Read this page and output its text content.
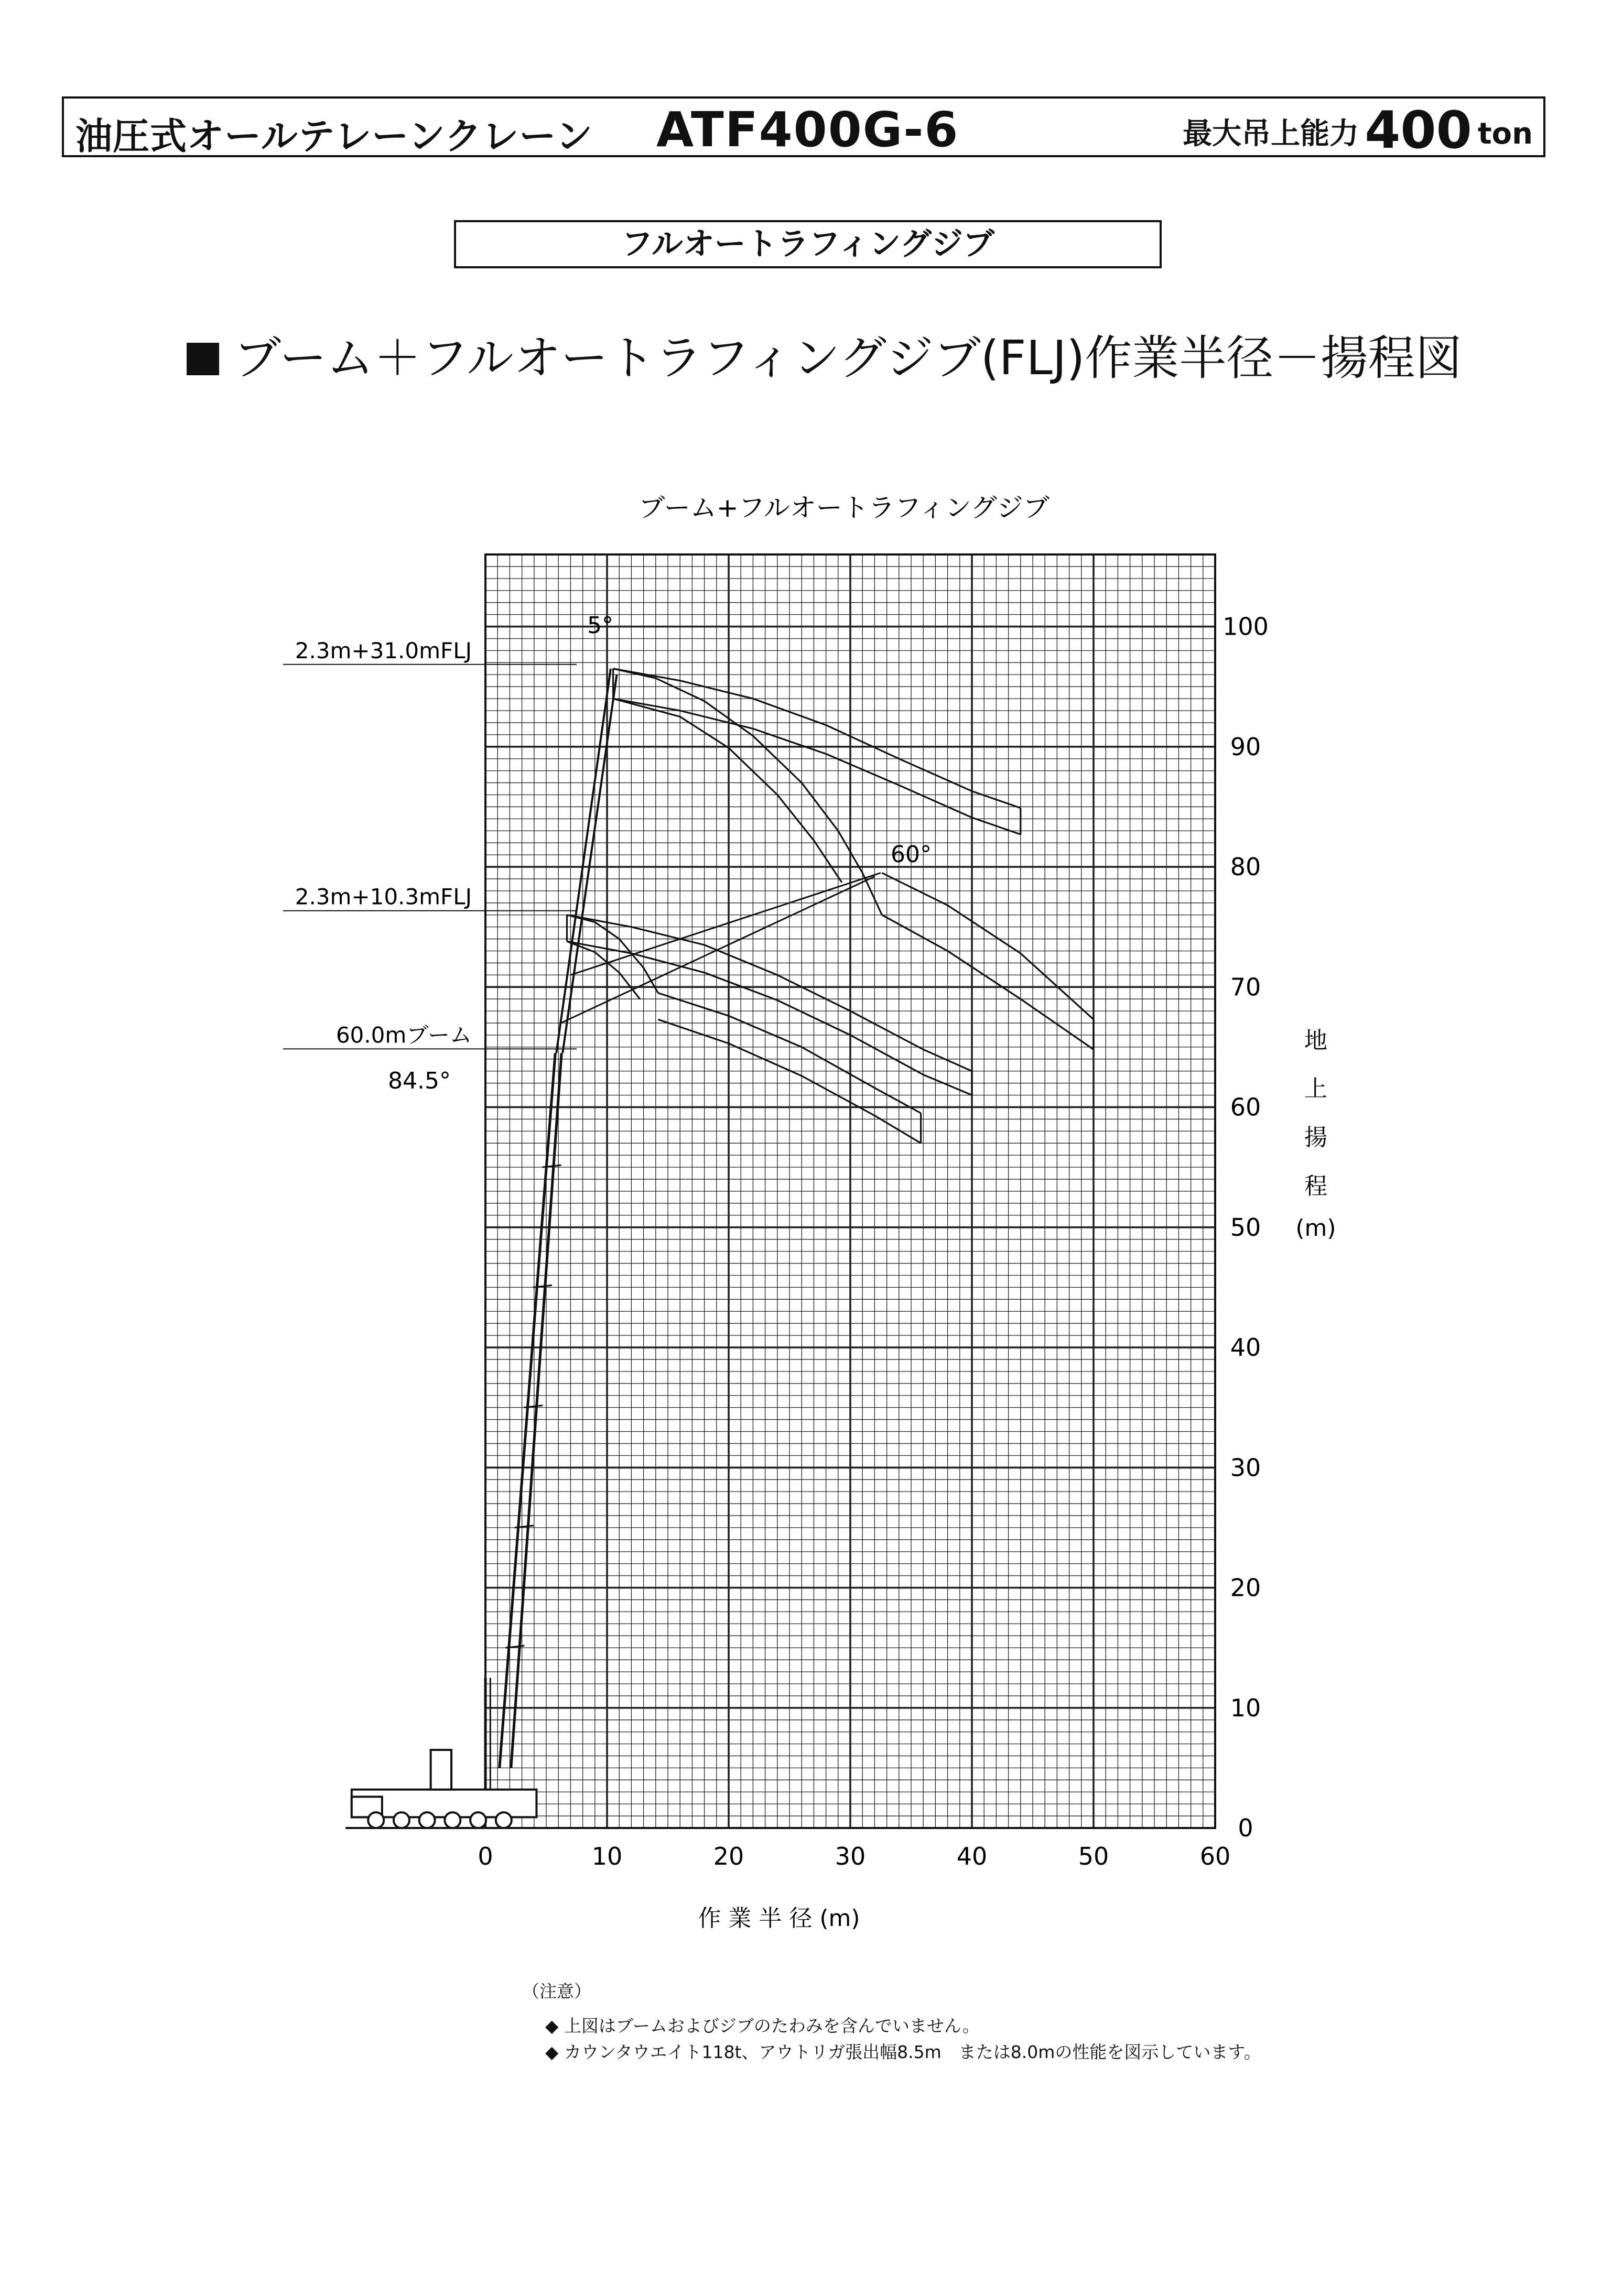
油圧式オールテレーンクレーン ATF400G-6	最大吊上能力 400 ton
フルオートラフィングジブ
ブーム＋フルオートラフィングジブ(FLJ)作業半径－揚程図
ブーム+フルオートラフィングジブ
0	10	20	30	40	50	60
0
10
20
30
40
50
60
70
80
90
100
2.3m+31.0mFLJ
2.3m+10.3mFLJ
60.0mブーム
84.5°
5°
60°
作 業 半 径 (m)
地
上
揚
程
(m)
（注意）
◆ 上図はブームおよびジブのたわみを含んでいません。
◆ カウンタウエイト118t、アウトリガ張出幅8.5m　または8.0mの性能を図示しています。
